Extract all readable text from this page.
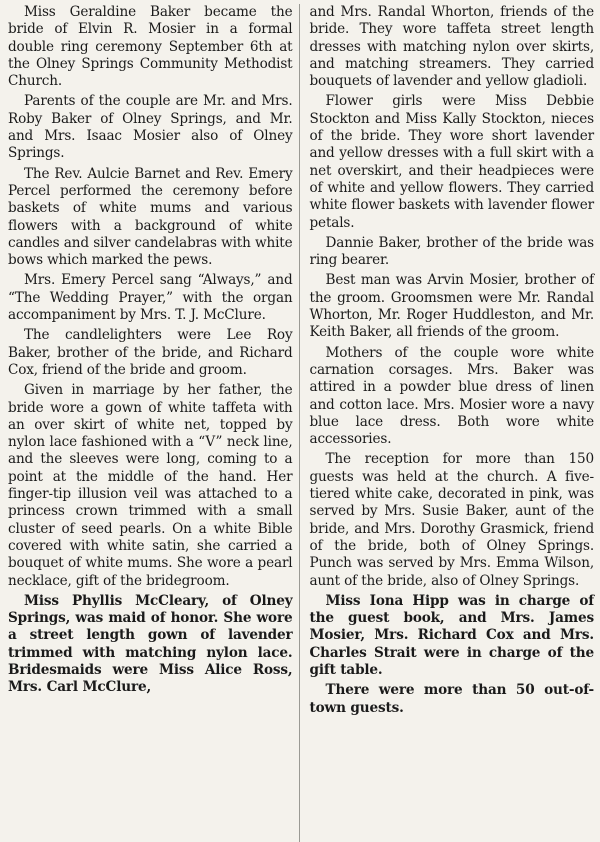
Miss Geraldine Baker became the bride of Elvin R. Mosier in a formal double ring ceremony September 6th at the Olney Springs Community Methodist Church.

Parents of the couple are Mr. and Mrs. Roby Baker of Olney Springs, and Mr. and Mrs. Isaac Mosier also of Olney Springs.

The Rev. Aulcie Barnet and Rev. Emery Percel performed the ceremony before baskets of white mums and various flowers with a background of white candles and silver candelabras with white bows which marked the pews.

Mrs. Emery Percel sang “Always,” and “The Wedding Prayer,” with the organ accompaniment by Mrs. T. J. McClure.

The candlelighters were Lee Roy Baker, brother of the bride, and Richard Cox, friend of the bride and groom.

Given in marriage by her father, the bride wore a gown of white taffeta with an over skirt of white net, topped by nylon lace fashioned with a “V” neck line, and the sleeves were long, coming to a point at the middle of the hand. Her finger-tip illusion veil was attached to a princess crown trimmed with a small cluster of seed pearls. On a white Bible covered with white satin, she carried a bouquet of white mums. She wore a pearl necklace, gift of the bridegroom.

Miss Phyllis McCleary, of Olney Springs, was maid of honor. She wore a street length gown of lavender trimmed with matching nylon lace. Bridesmaids were Miss Alice Ross, Mrs. Carl McClure,

and Mrs. Randal Whorton, friends of the bride. They wore taffeta street length dresses with matching nylon over skirts, and matching streamers. They carried bouquets of lavender and yellow gladioli.

Flower girls were Miss Debbie Stockton and Miss Kally Stockton, nieces of the bride. They wore short lavender and yellow dresses with a full skirt with a net overskirt, and their headpieces were of white and yellow flowers. They carried white flower baskets with lavender flower petals.

Dannie Baker, brother of the bride was ring bearer.

Best man was Arvin Mosier, brother of the groom. Groomsmen were Mr. Randal Whorton, Mr. Roger Huddleston, and Mr. Keith Baker, all friends of the groom.

Mothers of the couple wore white carnation corsages. Mrs. Baker was attired in a powder blue dress of linen and cotton lace. Mrs. Mosier wore a navy blue lace dress. Both wore white accessories.

The reception for more than 150 guests was held at the church. A five-tiered white cake, decorated in pink, was served by Mrs. Susie Baker, aunt of the bride, and Mrs. Dorothy Grasmick, friend of the bride, both of Olney Springs. Punch was served by Mrs. Emma Wilson, aunt of the bride, also of Olney Springs.

Miss Iona Hipp was in charge of the guest book, and Mrs. James Mosier, Mrs. Richard Cox and Mrs. Charles Strait were in charge of the gift table.

There were more than 50 out-of-town guests.
